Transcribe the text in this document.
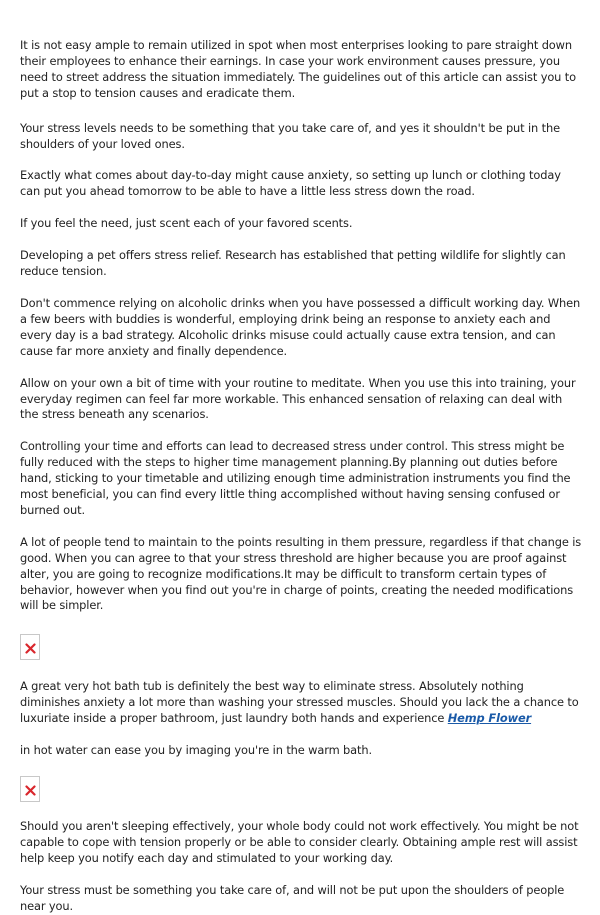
It is not easy ample to remain utilized in spot when most enterprises looking to pare straight down their employees to enhance their earnings. In case your work environment causes pressure, you need to street address the situation immediately. The guidelines out of this article can assist you to put a stop to tension causes and eradicate them.

Your stress levels needs to be something that you take care of, and yes it shouldn't be put in the shoulders of your loved ones.

Exactly what comes about day-to-day might cause anxiety, so setting up lunch or clothing today can put you ahead tomorrow to be able to have a little less stress down the road.

If you feel the need, just scent each of your favored scents.

Developing a pet offers stress relief. Research has established that petting wildlife for slightly can reduce tension.

Don't commence relying on alcoholic drinks when you have possessed a difficult working day. When a few beers with buddies is wonderful, employing drink being an response to anxiety each and every day is a bad strategy. Alcoholic drinks misuse could actually cause extra tension, and can cause far more anxiety and finally dependence.

Allow on your own a bit of time with your routine to meditate. When you use this into training, your everyday regimen can feel far more workable. This enhanced sensation of relaxing can deal with the stress beneath any scenarios.

Controlling your time and efforts can lead to decreased stress under control. This stress might be fully reduced with the steps to higher time management planning.By planning out duties before hand, sticking to your timetable and utilizing enough time administration instruments you find the most beneficial, you can find every little thing accomplished without having sensing confused or burned out.

A lot of people tend to maintain to the points resulting in them pressure, regardless if that change is good. When you can agree to that your stress threshold are higher because you are proof against alter, you are going to recognize modifications.It may be difficult to transform certain types of behavior, however when you find out you're in charge of points, creating the needed modifications will be simpler.

A great very hot bath tub is definitely the best way to eliminate stress. Absolutely nothing diminishes anxiety a lot more than washing your stressed muscles. Should you lack the a chance to luxuriate inside a proper bathroom, just laundry both hands and experience Hemp Flower

in hot water can ease you by imaging you're in the warm bath.

Should you aren't sleeping effectively, your whole body could not work effectively. You might be not capable to cope with tension properly or be able to consider clearly. Obtaining ample rest will assist help keep you notify each day and stimulated to your working day.

Your stress must be something you take care of, and will not be put upon the shoulders of people near you.
